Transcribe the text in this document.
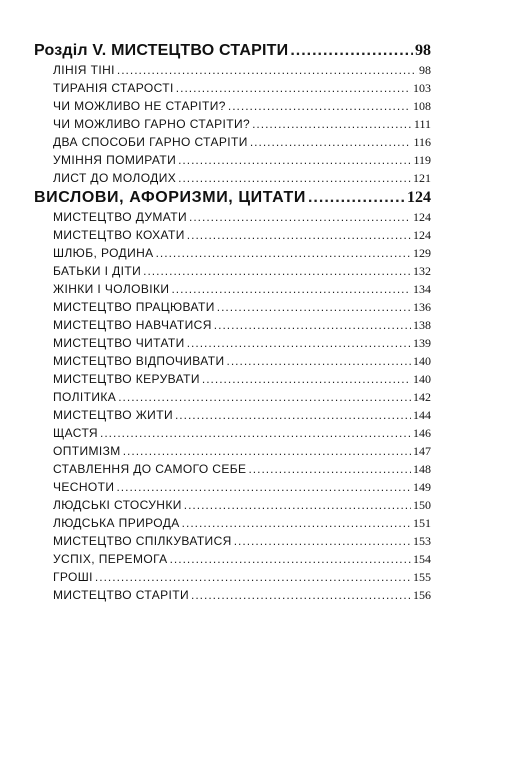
Розділ V. МИСТЕЦТВО СТАРІТИ .....	98
ЛІНІЯ ТІНІ .....	98
ТИРАНІЯ СТАРОСТІ .....	103
ЧИ МОЖЛИВО НЕ СТАРІТИ? .....	108
ЧИ МОЖЛИВО ГАРНО СТАРІТИ? .....	111
ДВА СПОСОБИ ГАРНО СТАРІТИ .....	116
УМІННЯ ПОМИРАТИ .....	119
ЛИСТ ДО МОЛОДИХ .....	121
ВИСЛОВИ, АФОРИЗМИ, ЦИТАТИ .....	124
МИСТЕЦТВО ДУМАТИ .....	124
МИСТЕЦТВО КОХАТИ .....	124
ШЛЮБ, РОДИНА .....	129
БАТЬКИ І ДІТИ .....	132
ЖІНКИ І ЧОЛОВІКИ .....	134
МИСТЕЦТВО ПРАЦЮВАТИ .....	136
МИСТЕЦТВО НАВЧАТИСЯ .....	138
МИСТЕЦТВО ЧИТАТИ .....	139
МИСТЕЦТВО ВІДПОЧИВАТИ .....	140
МИСТЕЦТВО КЕРУВАТИ .....	140
ПОЛІТИКА .....	142
МИСТЕЦТВО ЖИТИ .....	144
ЩАСТЯ .....	146
ОПТИМІЗМ .....	147
СТАВЛЕННЯ ДО САМОГО СЕБЕ .....	148
ЧЕСНОТИ .....	149
ЛЮДСЬКІ СТОСУНКИ .....	150
ЛЮДСЬКА ПРИРОДА .....	151
МИСТЕЦТВО СПІЛКУВАТИСЯ .....	153
УСПІХ, ПЕРЕМОГА .....	154
ГРОШІ .....	155
МИСТЕЦТВО СТАРІТИ .....	156
